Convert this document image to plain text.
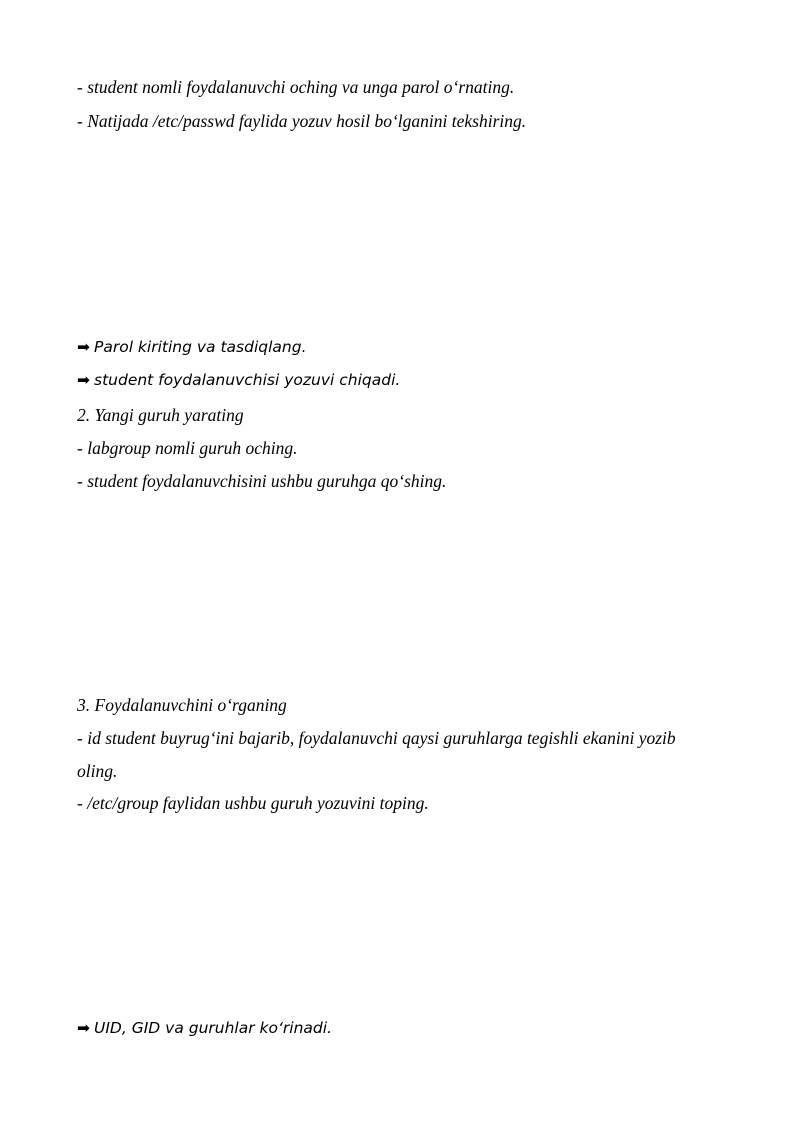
- student nomli foydalanuvchi oching va unga parol o‘rnating.
- Natijada /etc/passwd faylida yozuv hosil bo‘lganini tekshiring.
➡ Parol kiriting va tasdiqlang.
➡ student foydalanuvchisi yozuvi chiqadi.
2. Yangi guruh yarating
- labgroup nomli guruh oching.
- student foydalanuvchisini ushbu guruhga qo‘shing.
3. Foydalanuvchini o‘rganing
- id student buyrug‘ini bajarib, foydalanuvchi qaysi guruhlarga tegishli ekanini yozib
oling.
- /etc/group faylidan ushbu guruh yozuvini toping.
➡ UID, GID va guruhlar ko‘rinadi.
